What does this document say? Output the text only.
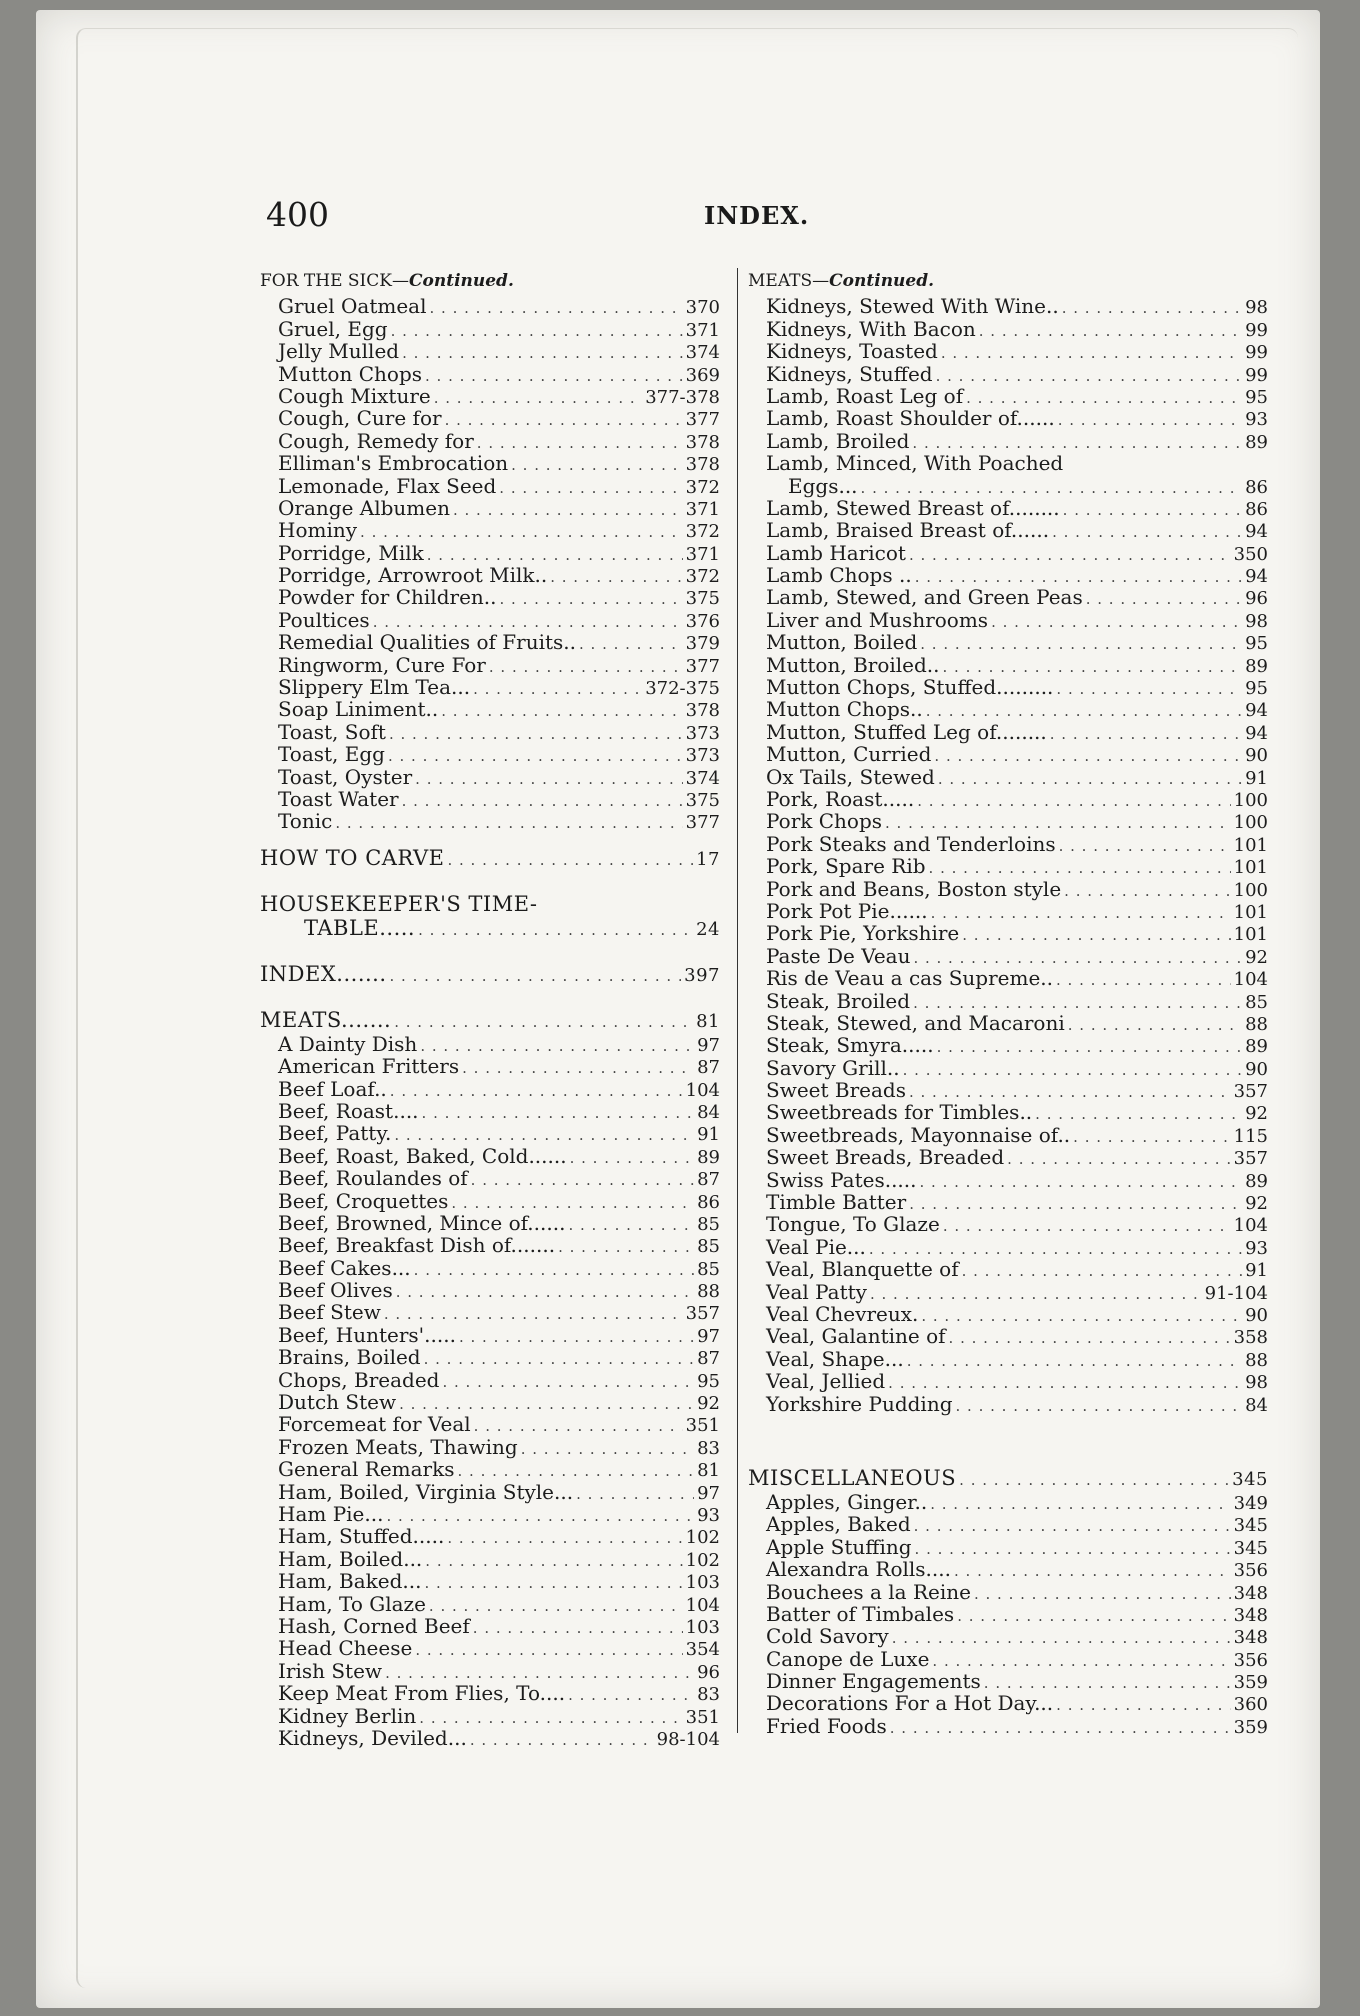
400	INDEX.
FOR THE SICK—Continued.
Gruel Oatmeal . . .	370
Gruel, Egg . . .	371
Jelly Mulled . . .	374
Mutton Chops . . .	369
Cough Mixture . . .	377-378
Cough, Cure for . . .	377
Cough, Remedy for . . .	378
Elliman's Embrocation . . .	378
Lemonade, Flax Seed . . .	372
Orange Albumen . . .	371
Hominy . . .	372
Porridge, Milk . . .	371
Porridge, Arrowroot Milk.. . . .	372
Powder for Children.. . . .	375
Poultices . . .	376
Remedial Qualities of Fruits.. . . .	379
Ringworm, Cure For . . .	377
Slippery Elm Tea... . . .	372-375
Soap Liniment.. . . .	378
Toast, Soft . . .	373
Toast, Egg . . .	373
Toast, Oyster . . .	374
Toast Water . . .	375
Tonic . . .	377
HOW TO CARVE . . .	17
HOUSEKEEPER'S TIME-
TABLE..... . . .	24
INDEX....... . . .	397
MEATS....... . . .	81
A Dainty Dish . . .	97
American Fritters . . .	87
Beef Loaf.. . . .	104
Beef, Roast.... . . .	84
Beef, Patty. . . .	91
Beef, Roast, Baked, Cold...... . . .	89
Beef, Roulandes of . . .	87
Beef, Croquettes . . .	86
Beef, Browned, Mince of...... . . .	85
Beef, Breakfast Dish of....... . . .	85
Beef Cakes... . . .	85
Beef Olives . . .	88
Beef Stew . . .	357
Beef, Hunters'..... . . .	97
Brains, Boiled . . .	87
Chops, Breaded . . .	95
Dutch Stew . . .	92
Forcemeat for Veal . . .	351
Frozen Meats, Thawing . . .	83
General Remarks . . .	81
Ham, Boiled, Virginia Style... . . .	97
Ham Pie... . . .	93
Ham, Stuffed..... . . .	102
Ham, Boiled... . . .	102
Ham, Baked... . . .	103
Ham, To Glaze . . .	104
Hash, Corned Beef . . .	103
Head Cheese . . .	354
Irish Stew . . .	96
Keep Meat From Flies, To.... . . .	83
Kidney Berlin . . .	351
Kidneys, Deviled... . . .	98-104
MEATS—Continued.
Kidneys, Stewed With Wine.. . . .	98
Kidneys, With Bacon . . .	99
Kidneys, Toasted . . .	99
Kidneys, Stuffed . . .	99
Lamb, Roast Leg of . . .	95
Lamb, Roast Shoulder of...... . . .	93
Lamb, Broiled . . .	89
Lamb, Minced, With Poached
Eggs... . . .	86
Lamb, Stewed Breast of........ . . .	86
Lamb, Braised Breast of...... . . .	94
Lamb Haricot . . .	350
Lamb Chops .. . . .	94
Lamb, Stewed, and Green Peas . . .	96
Liver and Mushrooms . . .	98
Mutton, Boiled . . .	95
Mutton, Broiled.. . . .	89
Mutton Chops, Stuffed......... . . .	95
Mutton Chops.. . . .	94
Mutton, Stuffed Leg of........ . . .	94
Mutton, Curried . . .	90
Ox Tails, Stewed . . .	91
Pork, Roast..... . . .	100
Pork Chops . . .	100
Pork Steaks and Tenderloins . . .	101
Pork, Spare Rib . . .	101
Pork and Beans, Boston style . . .	100
Pork Pot Pie...... . . .	101
Pork Pie, Yorkshire . . .	101
Paste De Veau . . .	92
Ris de Veau a cas Supreme.. . . .	104
Steak, Broiled . . .	85
Steak, Stewed, and Macaroni . . .	88
Steak, Smyra..... . . .	89
Savory Grill.. . . .	90
Sweet Breads . . .	357
Sweetbreads for Timbles.. . . .	92
Sweetbreads, Mayonnaise of.. . . .	115
Sweet Breads, Breaded . . .	357
Swiss Pates..... . . .	89
Timble Batter . . .	92
Tongue, To Glaze . . .	104
Veal Pie... . . .	93
Veal, Blanquette of . . .	91
Veal Patty . . .	91-104
Veal Chevreux. . . .	90
Veal, Galantine of . . .	358
Veal, Shape... . . .	88
Veal, Jellied . . .	98
Yorkshire Pudding . . .	84
MISCELLANEOUS . . .	345
Apples, Ginger.. . . .	349
Apples, Baked . . .	345
Apple Stuffing . . .	345
Alexandra Rolls.... . . .	356
Bouchees a la Reine . . .	348
Batter of Timbales . . .	348
Cold Savory . . .	348
Canope de Luxe . . .	356
Dinner Engagements . . .	359
Decorations For a Hot Day... . . .	360
Fried Foods . . .	359
